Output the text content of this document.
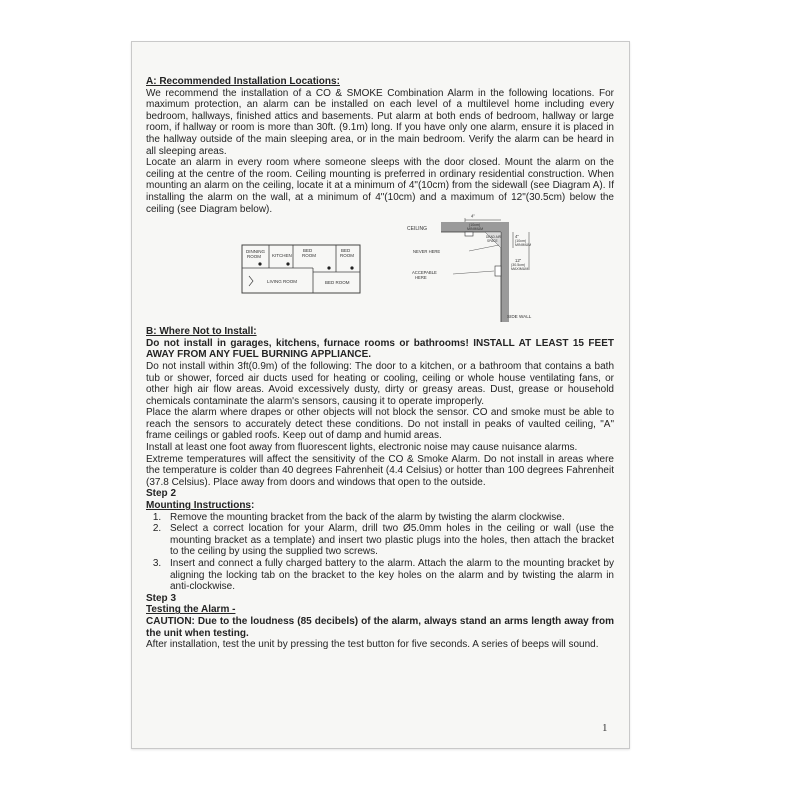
A: Recommended Installation Locations:

We recommend the installation of a CO & SMOKE Combination Alarm in the following locations. For maximum protection, an alarm can be installed on each level of a multilevel home including every bedroom, hallways, finished attics and basements. Put alarm at both ends of bedroom, hallway or large room, if hallway or room is more than 30ft. (9.1m) long. If you have only one alarm, ensure it is placed in the hallway outside of the main sleeping area, or in the main bedroom. Verify the alarm can be heard in all sleeping areas.

Locate an alarm in every room where someone sleeps with the door closed. Mount the alarm on the ceiling at the centre of the room. Ceiling mounting is preferred in ordinary residential construction. When mounting an alarm on the ceiling, locate it at a minimum of 4"(10cm) from the sidewall (see Diagram A). If installing the alarm on the wall, at a minimum of 4"(10cm) and a maximum of 12"(30.5cm) below the ceiling (see Diagram below).

DINNING
ROOM KITCHEN
BED
ROOM
BED
ROOM
LIVING ROOM	BED ROOM
4"
(10cm)
MINIMUM
CEILING
DEAD AIR
SPACE
4"
(10cm)
MINIMUM
NEVER HERE
12"
(30.5cm)
MAXIMUM
ACCEPABLE
HERE
SIDE WALL

B: Where Not to Install:

Do not install in garages, kitchens, furnace rooms or bathrooms! INSTALL AT LEAST 15 FEET AWAY FROM ANY FUEL BURNING APPLIANCE.

Do not install within 3ft(0.9m) of the following: The door to a kitchen, or a bathroom that contains a bath tub or shower, forced air ducts used for heating or cooling, ceiling or whole house ventilating fans, or other high air flow areas. Avoid excessively dusty, dirty or greasy areas. Dust, grease or household chemicals contaminate the alarm's sensors, causing it to operate improperly.

Place the alarm where drapes or other objects will not block the sensor. CO and smoke must be able to reach the sensors to accurately detect these conditions. Do not install in peaks of vaulted ceiling, "A" frame ceilings or gabled roofs. Keep out of damp and humid areas.

Install at least one foot away from fluorescent lights, electronic noise may cause nuisance alarms.

Extreme temperatures will affect the sensitivity of the CO & Smoke Alarm. Do not install in areas where the temperature is colder than 40 degrees Fahrenheit (4.4 Celsius) or hotter than 100 degrees Fahrenheit (37.8 Celsius). Place away from doors and windows that open to the outside.

Step 2

Mounting Instructions:

1. Remove the mounting bracket from the back of the alarm by twisting the alarm clockwise.
2. Select a correct location for your Alarm, drill two Ø5.0mm holes in the ceiling or wall (use the mounting bracket as a template) and insert two plastic plugs into the holes, then attach the bracket to the ceiling by using the supplied two screws.
3. Insert and connect a fully charged battery to the alarm. Attach the alarm to the mounting bracket by aligning the locking tab on the bracket to the key holes on the alarm and by twisting the alarm in anti-clockwise.

Step 3

Testing the Alarm -

CAUTION: Due to the loudness (85 decibels) of the alarm, always stand an arms length away from the unit when testing.

After installation, test the unit by pressing the test button for five seconds. A series of beeps will sound.

1
